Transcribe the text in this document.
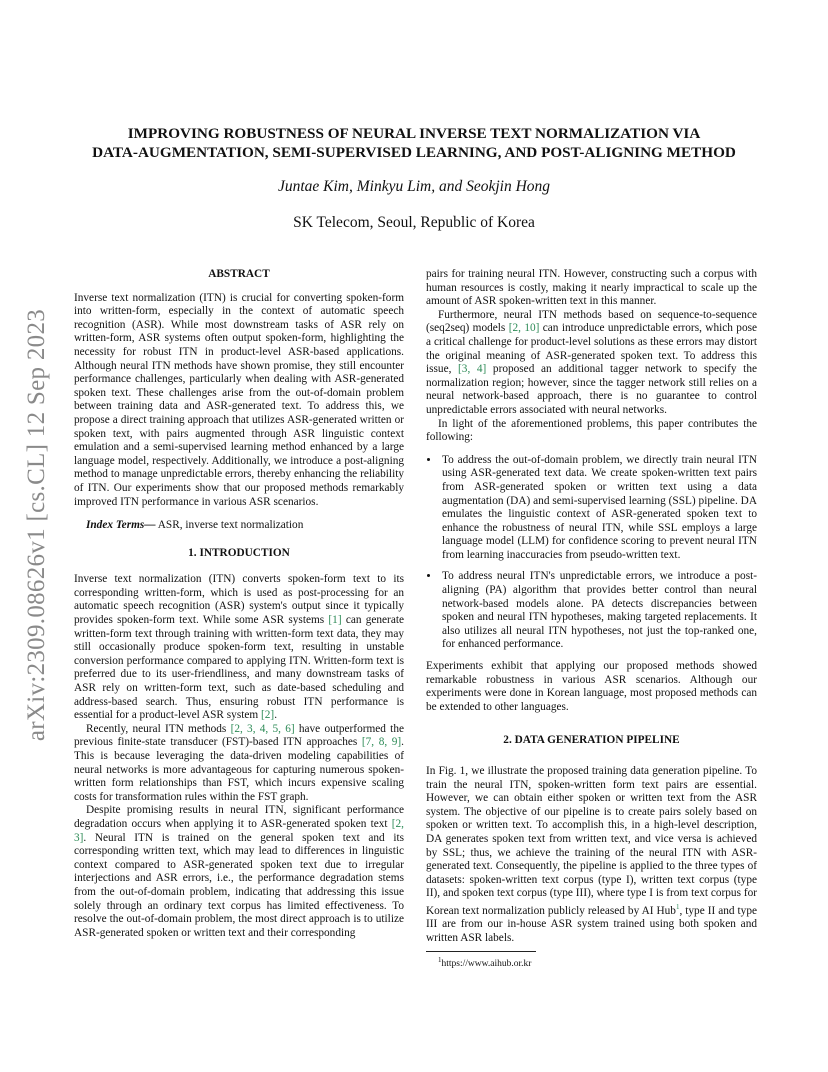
IMPROVING ROBUSTNESS OF NEURAL INVERSE TEXT NORMALIZATION VIA
DATA-AUGMENTATION, SEMI-SUPERVISED LEARNING, AND POST-ALIGNING METHOD
Juntae Kim, Minkyu Lim, and Seokjin Hong
SK Telecom, Seoul, Republic of Korea
arXiv:2309.08626v1 [cs.CL] 12 Sep 2023

ABSTRACT

Inverse text normalization (ITN) is crucial for converting spoken-form into written-form, especially in the context of automatic speech recognition (ASR). While most downstream tasks of ASR rely on written-form, ASR systems often output spoken-form, highlighting the necessity for robust ITN in product-level ASR-based applications. Although neural ITN methods have shown promise, they still encounter performance challenges, particularly when dealing with ASR-generated spoken text. These challenges arise from the out-of-domain problem between training data and ASR-generated text. To address this, we propose a direct training approach that utilizes ASR-generated written or spoken text, with pairs augmented through ASR linguistic context emulation and a semi-supervised learning method enhanced by a large language model, respectively. Additionally, we introduce a post-aligning method to manage unpredictable errors, thereby enhancing the reliability of ITN. Our experiments show that our proposed methods remarkably improved ITN performance in various ASR scenarios.

Index Terms— ASR, inverse text normalization

1. INTRODUCTION

Inverse text normalization (ITN) converts spoken-form text to its corresponding written-form, which is used as post-processing for an automatic speech recognition (ASR) system's output since it typically provides spoken-form text. While some ASR systems [1] can generate written-form text through training with written-form text data, they may still occasionally produce spoken-form text, resulting in unstable conversion performance compared to applying ITN. Written-form text is preferred due to its user-friendliness, and many downstream tasks of ASR rely on written-form text, such as date-based scheduling and address-based search. Thus, ensuring robust ITN performance is essential for a product-level ASR system [2].

Recently, neural ITN methods [2, 3, 4, 5, 6] have outperformed the previous finite-state transducer (FST)-based ITN approaches [7, 8, 9]. This is because leveraging the data-driven modeling capabilities of neural networks is more advantageous for capturing numerous spoken-written form relationships than FST, which incurs expensive scaling costs for transformation rules within the FST graph.

Despite promising results in neural ITN, significant performance degradation occurs when applying it to ASR-generated spoken text [2, 3]. Neural ITN is trained on the general spoken text and its corresponding written text, which may lead to differences in linguistic context compared to ASR-generated spoken text due to irregular interjections and ASR errors, i.e., the performance degradation stems from the out-of-domain problem, indicating that addressing this issue solely through an ordinary text corpus has limited effectiveness. To resolve the out-of-domain problem, the most direct approach is to utilize ASR-generated spoken or written text and their corresponding

pairs for training neural ITN. However, constructing such a corpus with human resources is costly, making it nearly impractical to scale up the amount of ASR spoken-written text in this manner.

Furthermore, neural ITN methods based on sequence-to-sequence (seq2seq) models [2, 10] can introduce unpredictable errors, which pose a critical challenge for product-level solutions as these errors may distort the original meaning of ASR-generated spoken text. To address this issue, [3, 4] proposed an additional tagger network to specify the normalization region; however, since the tagger network still relies on a neural network-based approach, there is no guarantee to control unpredictable errors associated with neural networks.

In light of the aforementioned problems, this paper contributes the following:

• To address the out-of-domain problem, we directly train neural ITN using ASR-generated text data. We create spoken-written text pairs from ASR-generated spoken or written text using a data augmentation (DA) and semi-supervised learning (SSL) pipeline. DA emulates the linguistic context of ASR-generated spoken text to enhance the robustness of neural ITN, while SSL employs a large language model (LLM) for confidence scoring to prevent neural ITN from learning inaccuracies from pseudo-written text.
• To address neural ITN's unpredictable errors, we introduce a post-aligning (PA) algorithm that provides better control than neural network-based models alone. PA detects discrepancies between spoken and neural ITN hypotheses, making targeted replacements. It also utilizes all neural ITN hypotheses, not just the top-ranked one, for enhanced performance.

Experiments exhibit that applying our proposed methods showed remarkable robustness in various ASR scenarios. Although our experiments were done in Korean language, most proposed methods can be extended to other languages.

2. DATA GENERATION PIPELINE

In Fig. 1, we illustrate the proposed training data generation pipeline. To train the neural ITN, spoken-written form text pairs are essential. However, we can obtain either spoken or written text from the ASR system. The objective of our pipeline is to create pairs solely based on spoken or written text. To accomplish this, in a high-level description, DA generates spoken text from written text, and vice versa is achieved by SSL; thus, we achieve the training of the neural ITN with ASR-generated text. Consequently, the pipeline is applied to the three types of datasets: spoken-written text corpus (type I), written text corpus (type II), and spoken text corpus (type III), where type I is from text corpus for Korean text normalization publicly released by AI Hub$^1$, type II and type III are from our in-house ASR system trained using both spoken and written ASR labels.

$^1$https://www.aihub.or.kr
